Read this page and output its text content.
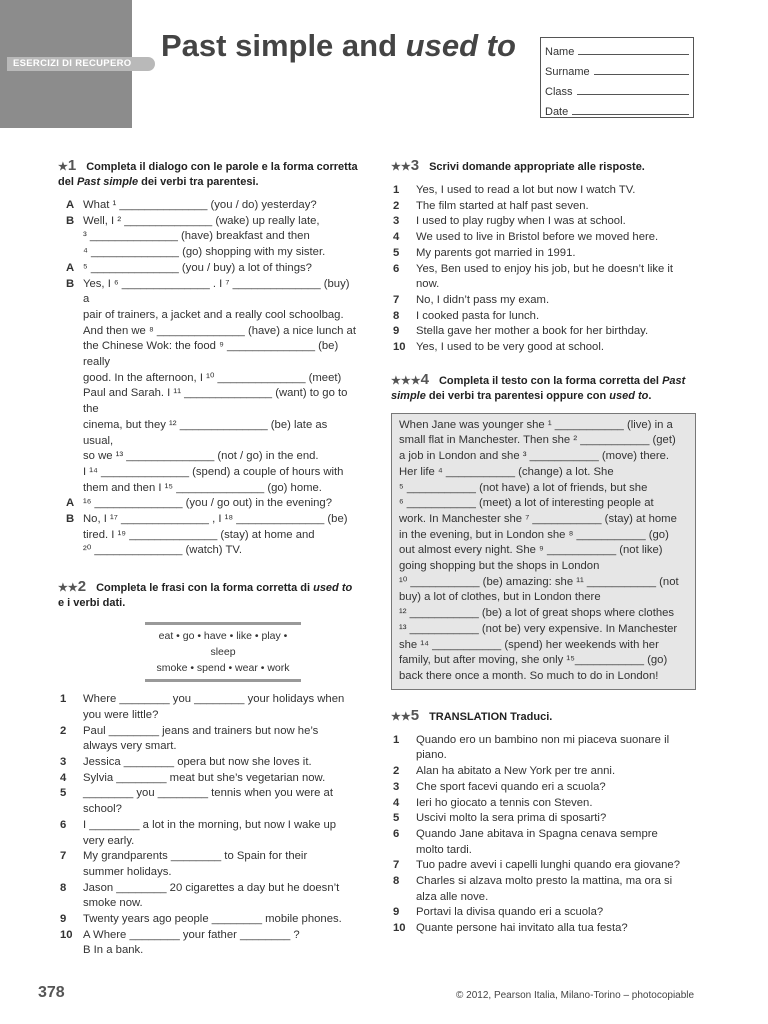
ESERCIZI DI RECUPERO
Past simple and used to	Name
Surname
Class
Date
★1 Completa il dialogo con le parole e la forma corretta del Past simple dei verbi tra parentesi.
A What ¹ ______________ (you / do) yesterday?
B Well, I ² ______________ (wake) up really late,
³ ______________ (have) breakfast and then
⁴ ______________ (go) shopping with my sister.
A ⁵ ______________ (you / buy) a lot of things?
B Yes, I ⁶ ______________ . I ⁷ ______________ (buy) a
pair of trainers, a jacket and a really cool schoolbag.
And then we ⁸ ______________ (have) a nice lunch at
the Chinese Wok: the food ⁹ ______________ (be) really
good. In the afternoon, I ¹⁰ ______________ (meet)
Paul and Sarah. I ¹¹ ______________ (want) to go to the
cinema, but they ¹² ______________ (be) late as usual,
so we ¹³ ______________ (not / go) in the end.
I ¹⁴ ______________ (spend) a couple of hours with
them and then I ¹⁵ ______________ (go) home.
A ¹⁶ ______________ (you / go out) in the evening?
B No, I ¹⁷ ______________ , I ¹⁸ ______________ (be)
tired. I ¹⁹ ______________ (stay) at home and
²⁰ ______________ (watch) TV.
★★2 Completa le frasi con la forma corretta di used to e i verbi dati.
eat • go • have • like • play • sleep
smoke • spend • wear • work
1	Where ________ you ________ your holidays when
you were little?
2	Paul ________ jeans and trainers but now he’s
always very smart.
3	Jessica ________ opera but now she loves it.
4	Sylvia ________ meat but she’s vegetarian now.
5	________ you ________ tennis when you were at
school?
6	I ________ a lot in the morning, but now I wake up
very early.
7	My grandparents ________ to Spain for their
summer holidays.
8	Jason ________ 20 cigarettes a day but he doesn’t
smoke now.
9	Twenty years ago people ________ mobile phones.
10 A Where ________ your father ________ ?
B In a bank.
★★3 Scrivi domande appropriate alle risposte.
1	Yes, I used to read a lot but now I watch TV.
2	The film started at half past seven.
3	I used to play rugby when I was at school.
4	We used to live in Bristol before we moved here.
5	My parents got married in 1991.
6	Yes, Ben used to enjoy his job, but he doesn’t like it
now.
7	No, I didn’t pass my exam.
8	I cooked pasta for lunch.
9	Stella gave her mother a book for her birthday.
10 Yes, I used to be very good at school.
★★★4 Completa il testo con la forma corretta del Past simple dei verbi tra parentesi oppure con used to.
When Jane was younger she ¹ ___________ (live) in a
small flat in Manchester. Then she ² ___________ (get)
a job in London and she ³ ___________ (move) there.
Her life ⁴ ___________ (change) a lot. She
⁵ ___________ (not have) a lot of friends, but she
⁶ ___________ (meet) a lot of interesting people at
work. In Manchester she ⁷ ___________ (stay) at home
in the evening, but in London she ⁸ ___________ (go)
out almost every night. She ⁹ ___________ (not like)
going shopping but the shops in London
¹⁰ ___________ (be) amazing: she ¹¹ ___________ (not
buy) a lot of clothes, but in London there
¹² ___________ (be) a lot of great shops where clothes
¹³ ___________ (not be) very expensive. In Manchester
she ¹⁴ ___________ (spend) her weekends with her
family, but after moving, she only ¹⁵___________ (go)
back there once a month. So much to do in London!
★★5 TRANSLATION Traduci.
1	Quando ero un bambino non mi piaceva suonare il
piano.
2	Alan ha abitato a New York per tre anni.
3	Che sport facevi quando eri a scuola?
4	Ieri ho giocato a tennis con Steven.
5	Uscivi molto la sera prima di sposarti?
6	Quando Jane abitava in Spagna cenava sempre
molto tardi.
7	Tuo padre avevi i capelli lunghi quando era giovane?
8	Charles si alzava molto presto la mattina, ma ora si
alza alle nove.
9	Portavi la divisa quando eri a scuola?
10 Quante persone hai invitato alla tua festa?
378	© 2012, Pearson Italia, Milano-Torino – photocopiable
